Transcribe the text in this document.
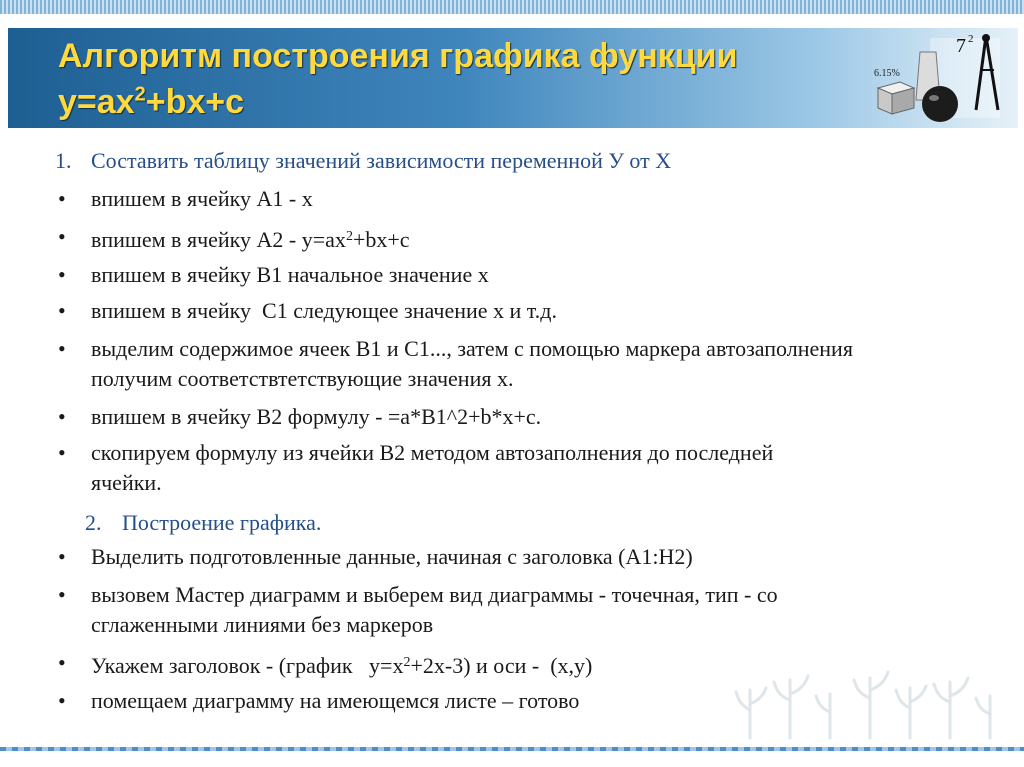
Алгоритм построения графика функции
$y=ax^2+bx+c$
6.15%
7 2
1. Составить таблицу значений зависимости переменной У от Х
•	впишем в ячейку А1 - x
•	впишем в ячейку $А2 - y=ax^2+bx+c$
•	впишем в ячейку В1 начальное значение х
•	впишем в ячейку  С1 следующее значение х и т.д.
•	выделим содержимое ячеек В1 и С1..., затем с помощью маркера автозаполнения
получим соответствтетствующие значения х.
•	впишем в ячейку В2 формулу - =a*B1^2+b*x+c.
•	скопируем формулу из ячейки В2 методом автозаполнения до последней
ячейки.
2. Построение графика.
•	Выделить подготовленные данные, начиная с заголовка (А1:Н2)
•	вызовем Мастер диаграмм и выберем вид диаграммы - точечная, тип - со
сглаженными линиями без маркеров
•	Укажем заголовок - (график   $y=x^2+2x-3$) и оси -  (x,y)
•	помещаем диаграмму на имеющемся листе – готово
